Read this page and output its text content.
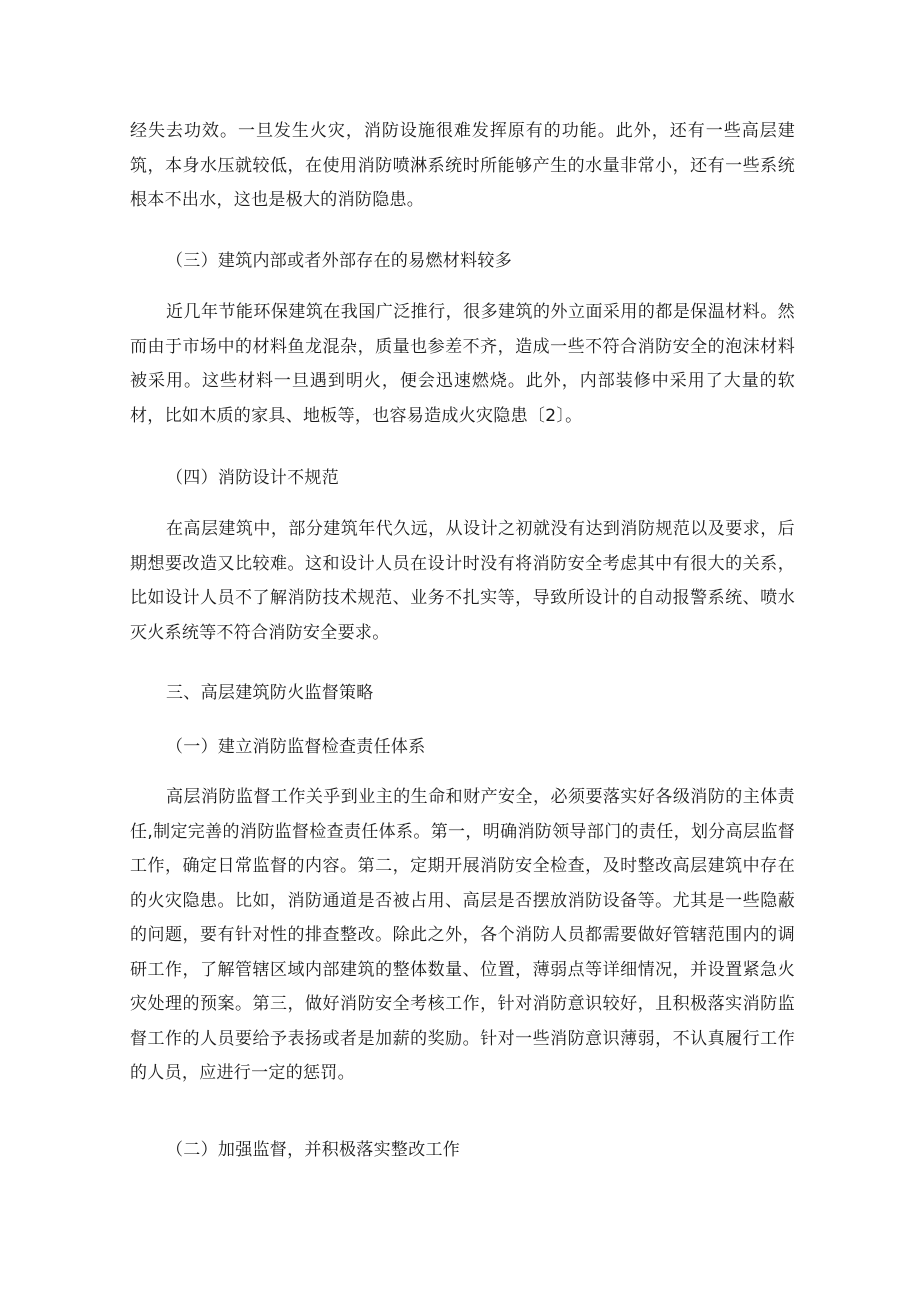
经失去功效。一旦发生火灾，消防设施很难发挥原有的功能。此外，还有一些高层建筑，本身水压就较低，在使用消防喷淋系统时所能够产生的水量非常小，还有一些系统根本不出水，这也是极大的消防隐患。

（三）建筑内部或者外部存在的易燃材料较多

近几年节能环保建筑在我国广泛推行，很多建筑的外立面采用的都是保温材料。然而由于市场中的材料鱼龙混杂，质量也参差不齐，造成一些不符合消防安全的泡沫材料被采用。这些材料一旦遇到明火，便会迅速燃烧。此外，内部装修中采用了大量的软材，比如木质的家具、地板等，也容易造成火灾隐患〔2〕。

（四）消防设计不规范

在高层建筑中，部分建筑年代久远，从设计之初就没有达到消防规范以及要求，后期想要改造又比较难。这和设计人员在设计时没有将消防安全考虑其中有很大的关系，比如设计人员不了解消防技术规范、业务不扎实等，导致所设计的自动报警系统、喷水灭火系统等不符合消防安全要求。

三、高层建筑防火监督策略

（一）建立消防监督检查责任体系

高层消防监督工作关乎到业主的生命和财产安全，必须要落实好各级消防的主体责任,制定完善的消防监督检查责任体系。第一，明确消防领导部门的责任，划分高层监督工作，确定日常监督的内容。第二，定期开展消防安全检查，及时整改高层建筑中存在的火灾隐患。比如，消防通道是否被占用、高层是否摆放消防设备等。尤其是一些隐蔽的问题，要有针对性的排查整改。除此之外，各个消防人员都需要做好管辖范围内的调研工作，了解管辖区域内部建筑的整体数量、位置，薄弱点等详细情况，并设置紧急火灾处理的预案。第三，做好消防安全考核工作，针对消防意识较好，且积极落实消防监督工作的人员要给予表扬或者是加薪的奖励。针对一些消防意识薄弱，不认真履行工作的人员，应进行一定的惩罚。

（二）加强监督，并积极落实整改工作
